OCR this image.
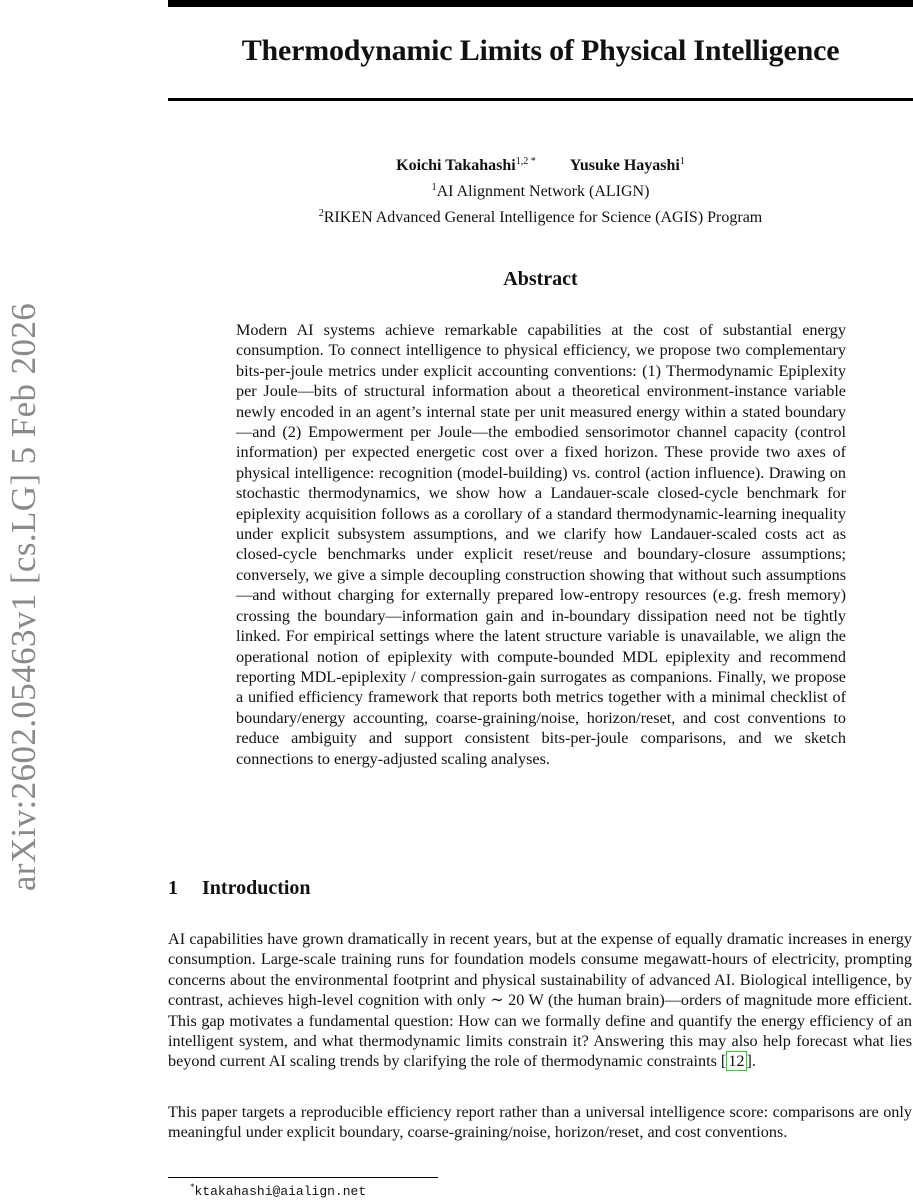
Thermodynamic Limits of Physical Intelligence
arXiv:2602.05463v1 [cs.LG] 5 Feb 2026
Koichi Takahashi$^{1,2 *}$ Yusuke Hayashi$^1$
$^1$AI Alignment Network (ALIGN)
$^2$RIKEN Advanced General Intelligence for Science (AGIS) Program
Abstract

Modern AI systems achieve remarkable capabilities at the cost of substantial energy consumption. To connect intelligence to physical efficiency, we propose two complementary bits-per-joule metrics under explicit accounting conventions: (1) Thermodynamic Epiplexity per Joule—bits of structural information about a theoretical environment-instance variable newly encoded in an agent’s internal state per unit measured energy within a stated boundary—and (2) Empowerment per Joule—the embodied sensorimotor channel capacity (control information) per expected energetic cost over a fixed horizon. These provide two axes of physical intelligence: recognition (model-building) vs. control (action influence). Drawing on stochastic thermodynamics, we show how a Landauer-scale closed-cycle benchmark for epiplexity acquisition follows as a corollary of a standard thermodynamic-learning inequality under explicit subsystem assumptions, and we clarify how Landauer-scaled costs act as closed-cycle benchmarks under explicit reset/reuse and boundary-closure assumptions; conversely, we give a simple decoupling construction showing that without such assumptions—and without charging for externally prepared low-entropy resources (e.g. fresh memory) crossing the boundary—information gain and in-boundary dissipation need not be tightly linked. For empirical settings where the latent structure variable is unavailable, we align the operational notion of epiplexity with compute-bounded MDL epiplexity and recommend reporting MDL-epiplexity / compression-gain surrogates as companions. Finally, we propose a unified efficiency framework that reports both metrics together with a minimal checklist of boundary/energy accounting, coarse-graining/noise, horizon/reset, and cost conventions to reduce ambiguity and support consistent bits-per-joule comparisons, and we sketch connections to energy-adjusted scaling analyses.

1 Introduction

AI capabilities have grown dramatically in recent years, but at the expense of equally dramatic increases in energy consumption. Large-scale training runs for foundation models consume megawatt-hours of electricity, prompting concerns about the environmental footprint and physical sustainability of advanced AI. Biological intelligence, by contrast, achieves high-level cognition with only ∼ 20 W (the human brain)—orders of magnitude more efficient. This gap motivates a fundamental question: How can we formally define and quantify the energy efficiency of an intelligent system, and what thermodynamic limits constrain it? Answering this may also help forecast what lies beyond current AI scaling trends by clarifying the role of thermodynamic constraints [ 12 ].

This paper targets a reproducible efficiency report rather than a universal intelligence score: comparisons are only meaningful under explicit boundary, coarse-graining/noise, horizon/reset, and cost conventions.

*ktakahashi@aialign.net
